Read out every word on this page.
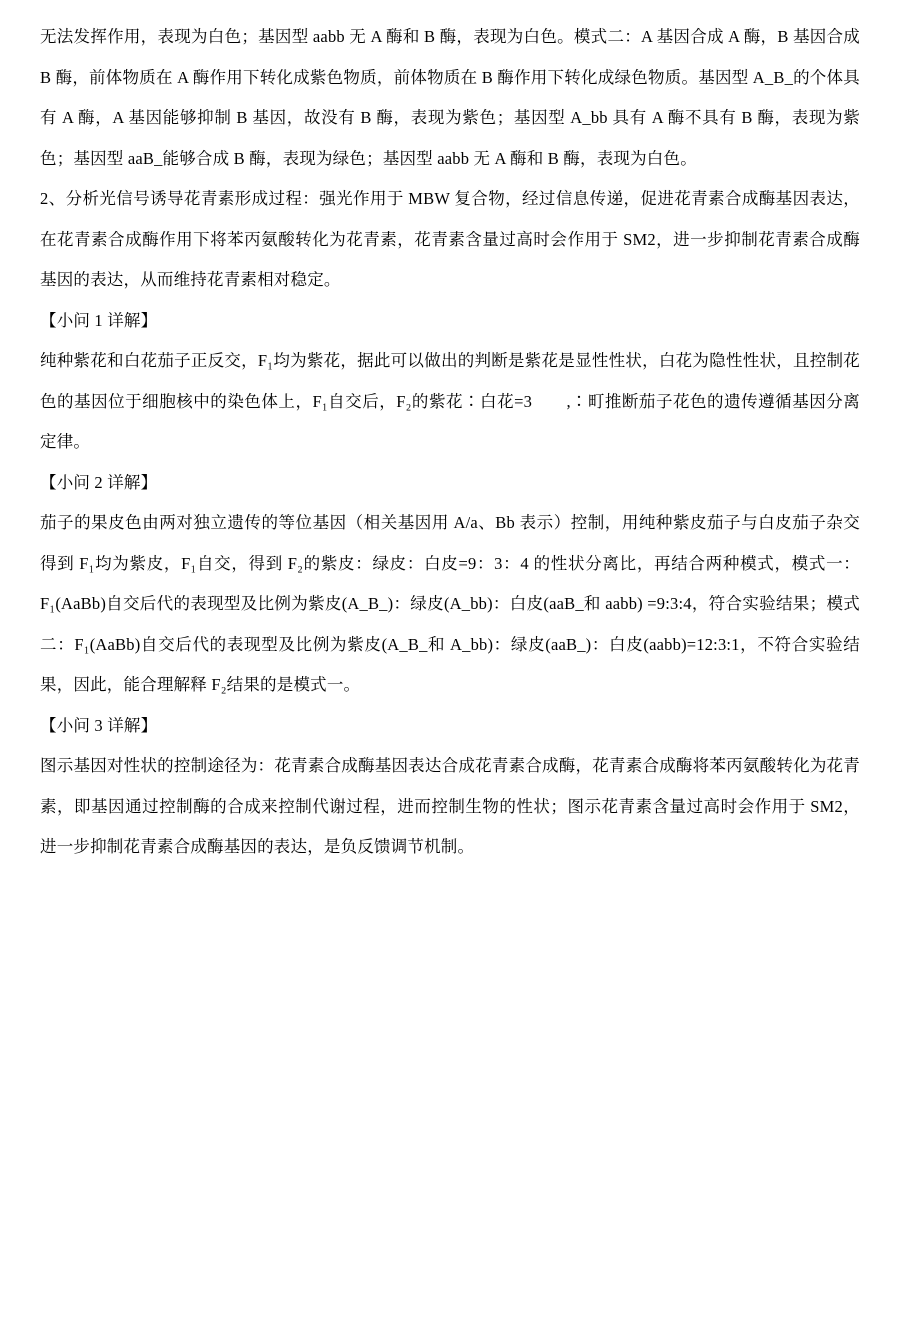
无法发挥作用，表现为白色；基因型 aabb 无 A 酶和 B 酶，表现为白色。模式二：A 基因合成 A 酶，B 基因合成 B 酶，前体物质在 A 酶作用下转化成紫色物质，前体物质在 B 酶作用下转化成绿色物质。基因型 A_B_的个体具有 A 酶，A 基因能够抑制 B 基因，故没有 B 酶，表现为紫色；基因型 A_bb 具有 A 酶不具有 B 酶，表现为紫色；基因型 aaB_能够合成 B 酶，表现为绿色；基因型 aabb 无 A 酶和 B 酶，表现为白色。

2、分析光信号诱导花青素形成过程：强光作用于 MBW 复合物，经过信息传递，促进花青素合成酶基因表达，在花青素合成酶作用下将苯丙氨酸转化为花青素，花青素含量过高时会作用于 SM2，进一步抑制花青素合成酶基因的表达，从而维持花青素相对稳定。

【小问 1 详解】

纯种紫花和白花茄子正反交，F₁均为紫花，据此可以做出的判断是紫花是显性性状，白花为隐性性状，且控制花色的基因位于细胞核中的染色体上，F₁自交后，F₂的紫花∶白花=3　　,∶町推断茄子花色的遗传遵循基因分离定律。

【小问 2 详解】

茄子的果皮色由两对独立遗传的等位基因（相关基因用 A/a、Bb 表示）控制，用纯种紫皮茄子与白皮茄子杂交得到 F₁均为紫皮，F₁自交，得到 F₂的紫皮：绿皮：白皮=9：3：4 的性状分离比，再结合两种模式，模式一：F₁(AaBb)自交后代的表现型及比例为紫皮(A_B_)：绿皮(A_bb)：白皮(aaB_和 aabb) =9:3:4，符合实验结果；模式二：F₁(AaBb)自交后代的表现型及比例为紫皮(A_B_和 A_bb)：绿皮(aaB_)：白皮(aabb)=12:3:1，不符合实验结果，因此，能合理解释 F₂结果的是模式一。

【小问 3 详解】

图示基因对性状的控制途径为：花青素合成酶基因表达合成花青素合成酶，花青素合成酶将苯丙氨酸转化为花青素，即基因通过控制酶的合成来控制代谢过程，进而控制生物的性状；图示花青素含量过高时会作用于 SM2，进一步抑制花青素合成酶基因的表达，是负反馈调节机制。
